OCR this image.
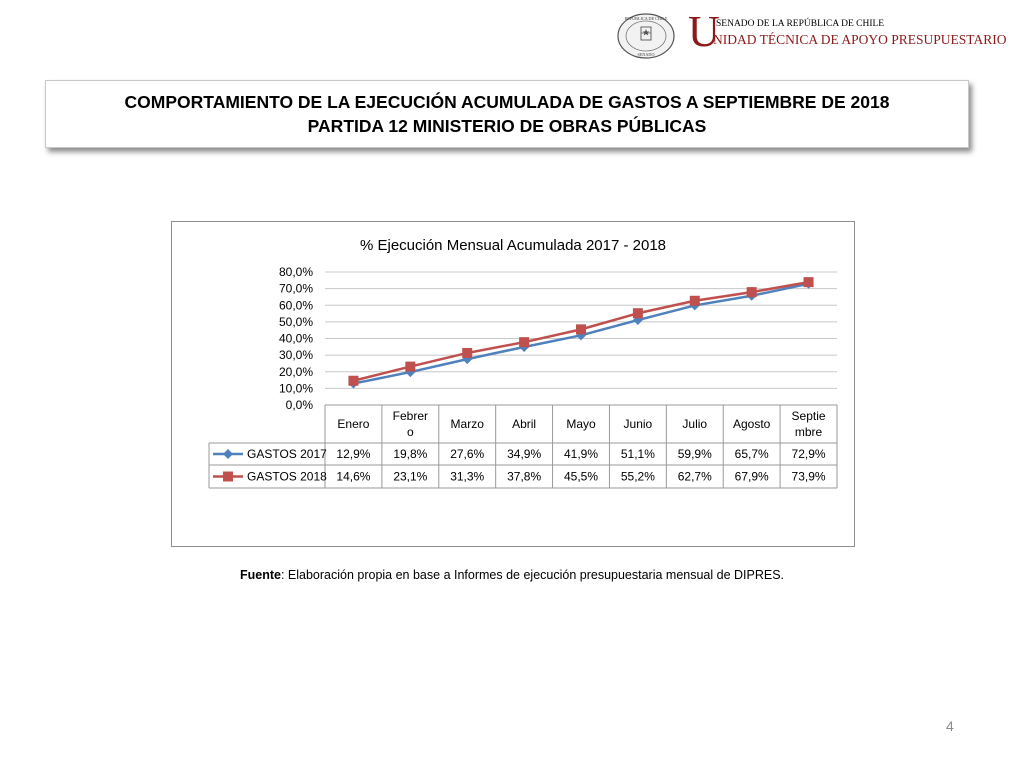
REPÚBLICA DE CHILE
SENADO U
SENADO DE LA REPÚBLICA DE CHILE
NIDAD TÉCNICA DE APOYO PRESUPUESTARIO
COMPORTAMIENTO DE LA EJECUCIÓN ACUMULADA DE GASTOS A SEPTIEMBRE DE 2018
PARTIDA 12 MINISTERIO DE OBRAS PÚBLICAS
% Ejecución Mensual Acumulada 2017 - 2018
80,0%
70,0%
60,0%
50,0%
40,0%
30,0%
20,0%
10,0%
0,0%
Enero
Febrer
o
Marzo Abril	Mayo Junio	Julio Agosto
Septie
mbre
GASTOS 2017 12,9% 19,8% 27,6% 34,9% 41,9% 51,1% 59,9% 65,7% 72,9%
GASTOS 2018 14,6% 23,1% 31,3% 37,8% 45,5% 55,2% 62,7% 67,9% 73,9%
Fuente: Elaboración propia en base a Informes de ejecución presupuestaria mensual de DIPRES.
4
